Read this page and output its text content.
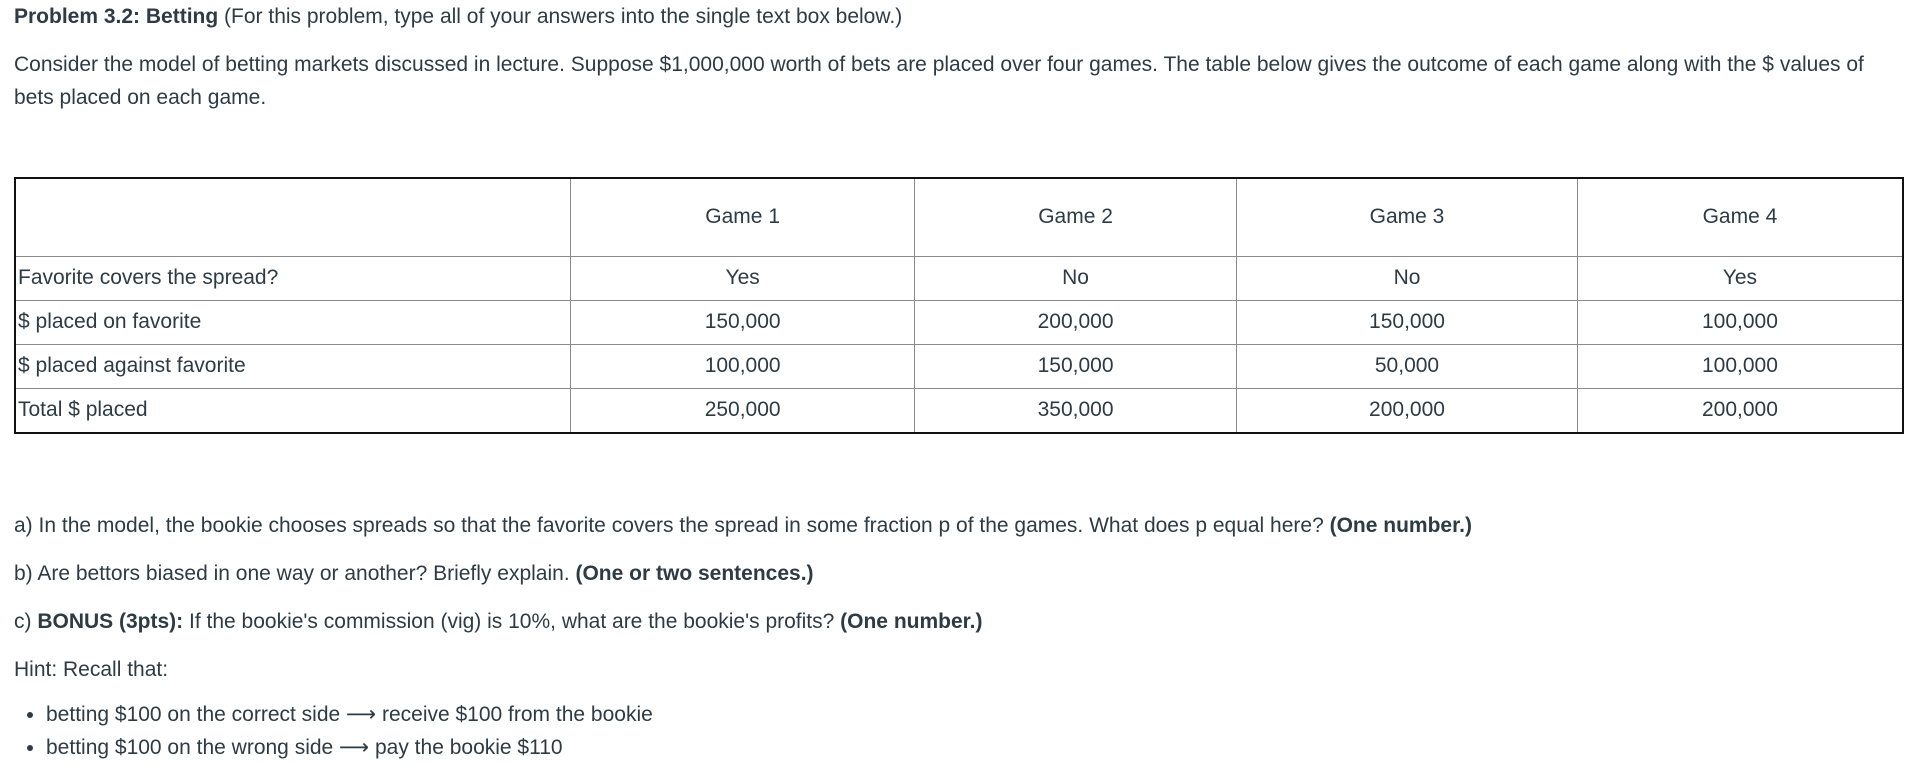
Problem 3.2: Betting (For this problem, type all of your answers into the single text box below.)

Consider the model of betting markets discussed in lecture. Suppose $1,000,000 worth of bets are placed over four games. The table below gives the outcome of each game along with the $ values of bets placed on each game.

	Game 1	Game 2	Game 3	Game 4
Favorite covers the spread?	Yes	No	No	Yes
$ placed on favorite	150,000	200,000	150,000	100,000
$ placed against favorite	100,000	150,000	50,000	100,000
Total $ placed	250,000	350,000	200,000	200,000

a) In the model, the bookie chooses spreads so that the favorite covers the spread in some fraction p of the games. What does p equal here? (One number.)

b) Are bettors biased in one way or another? Briefly explain. (One or two sentences.)

c) BONUS (3pts): If the bookie's commission (vig) is 10%, what are the bookie's profits? (One number.)

Hint: Recall that:

• betting $100 on the correct side ⟶ receive $100 from the bookie
• betting $100 on the wrong side ⟶ pay the bookie $110
